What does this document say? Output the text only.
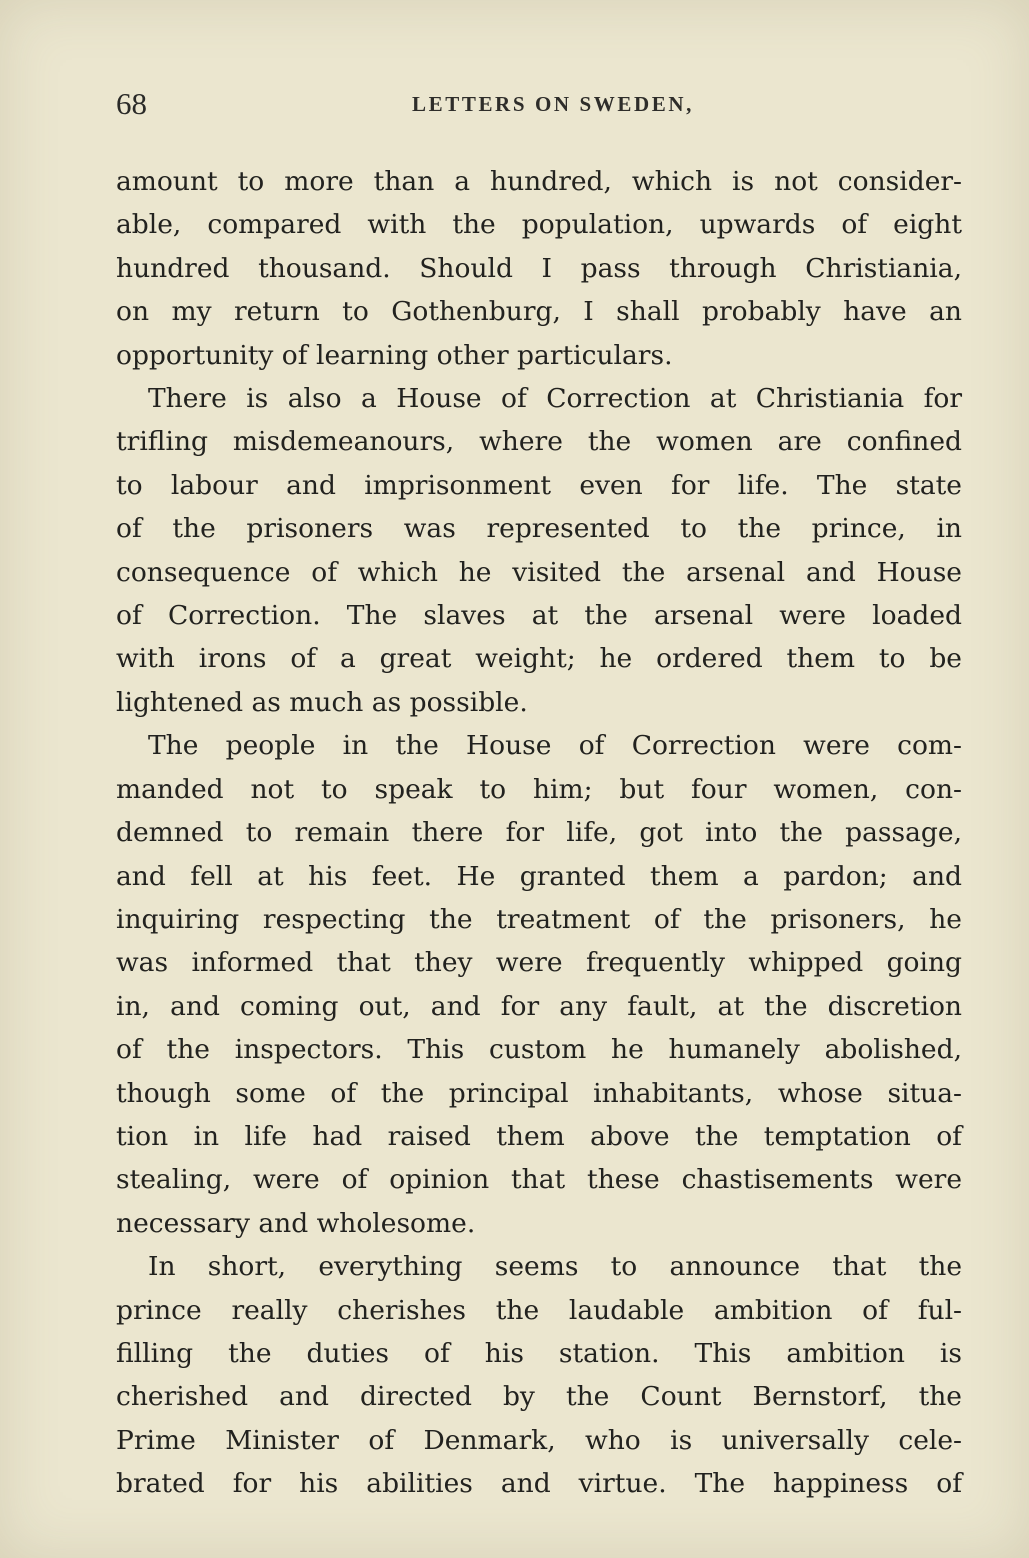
68	LETTERS ON SWEDEN,
amount to more than a hundred, which is not consider-
able, compared with the population, upwards of eight
hundred thousand. Should I pass through Christiania,
on my return to Gothenburg, I shall probably have an
opportunity of learning other particulars.
There is also a House of Correction at Christiania for
trifling misdemeanours, where the women are confined
to labour and imprisonment even for life. The state
of the prisoners was represented to the prince, in
consequence of which he visited the arsenal and House
of Correction. The slaves at the arsenal were loaded
with irons of a great weight; he ordered them to be
lightened as much as possible.
The people in the House of Correction were com-
manded not to speak to him; but four women, con-
demned to remain there for life, got into the passage,
and fell at his feet. He granted them a pardon; and
inquiring respecting the treatment of the prisoners, he
was informed that they were frequently whipped going
in, and coming out, and for any fault, at the discretion
of the inspectors. This custom he humanely abolished,
though some of the principal inhabitants, whose situa-
tion in life had raised them above the temptation of
stealing, were of opinion that these chastisements were
necessary and wholesome.
In short, everything seems to announce that the
prince really cherishes the laudable ambition of ful-
filling the duties of his station. This ambition is
cherished and directed by the Count Bernstorf, the
Prime Minister of Denmark, who is universally cele-
brated for his abilities and virtue. The happiness of
